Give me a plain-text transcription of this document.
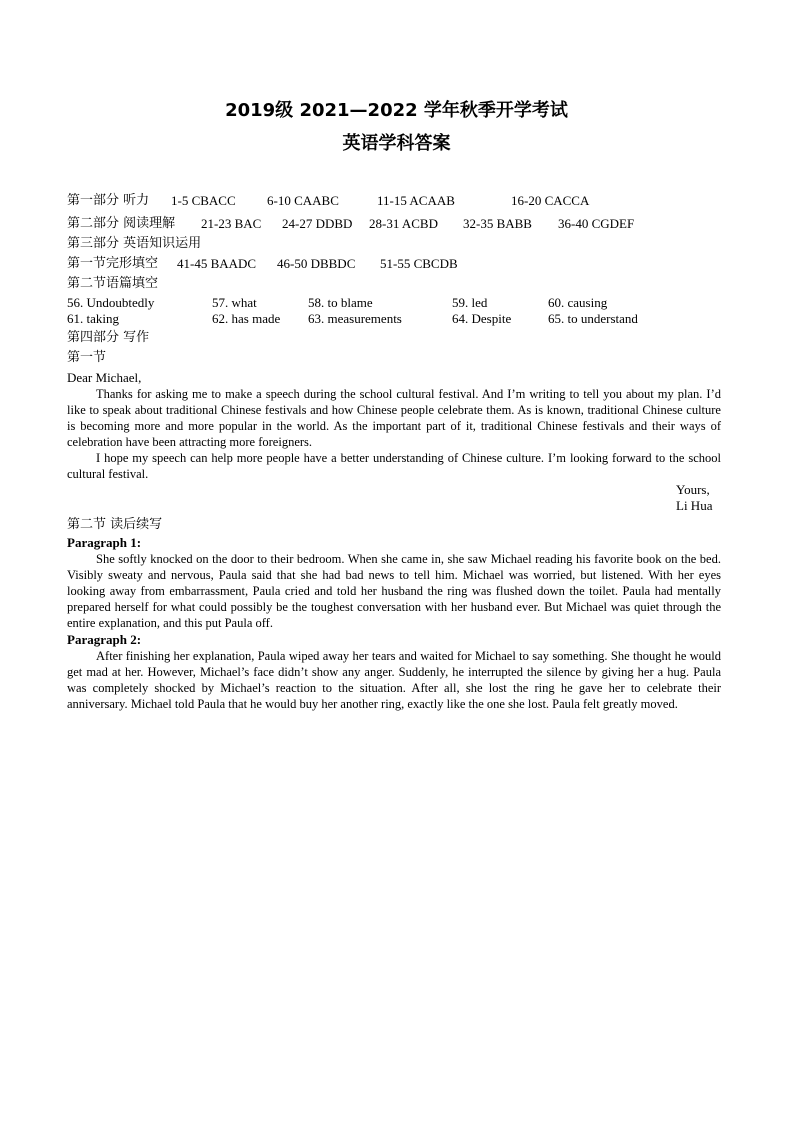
2019级 2021—2022 学年秋季开学考试
英语学科答案
第一部分 听力 1-5 CBACC 6-10 CAABC	11-15 ACAAB	16-20 CACCA
第二部分 阅读理解 21-23 BAC 24-27 DDBD 28-31 ACBD 32-35 BABB 36-40 CGDEF
第三部分 英语知识运用
第一节完形填空 41-45 BAADC 46-50 DBBDC 51-55 CBCDB
第二节语篇填空
56. Undoubtedly	57. what	58. to blame	59. led	60. causing
61. taking	62. has made 63. measurements	64. Despite	65. to understand
第四部分 写作
第一节
Dear Michael,

Thanks for asking me to make a speech during the school cultural festival. And I’m writing to tell you about my plan. I’d like to speak about traditional Chinese festivals and how Chinese people celebrate them. As is known, traditional Chinese culture is becoming more and more popular in the world. As the important part of it, traditional Chinese festivals and their ways of celebration have been attracting more foreigners.

I hope my speech can help more people have a better understanding of Chinese culture. I’m looking forward to the school cultural festival.

Yours,
Li Hua
第二节 读后续写
Paragraph 1:

She softly knocked on the door to their bedroom. When she came in, she saw Michael reading his favorite book on the bed. Visibly sweaty and nervous, Paula said that she had bad news to tell him. Michael was worried, but listened. With her eyes looking away from embarrassment, Paula cried and told her husband the ring was flushed down the toilet. Paula had mentally prepared herself for what could possibly be the toughest conversation with her husband ever. But Michael was quiet through the entire explanation, and this put Paula off.

Paragraph 2:

After finishing her explanation, Paula wiped away her tears and waited for Michael to say something. She thought he would get mad at her. However, Michael’s face didn’t show any anger. Suddenly, he interrupted the silence by giving her a hug. Paula was completely shocked by Michael’s reaction to the situation. After all, she lost the ring he gave her to celebrate their anniversary. Michael told Paula that he would buy her another ring, exactly like the one she lost. Paula felt greatly moved.
